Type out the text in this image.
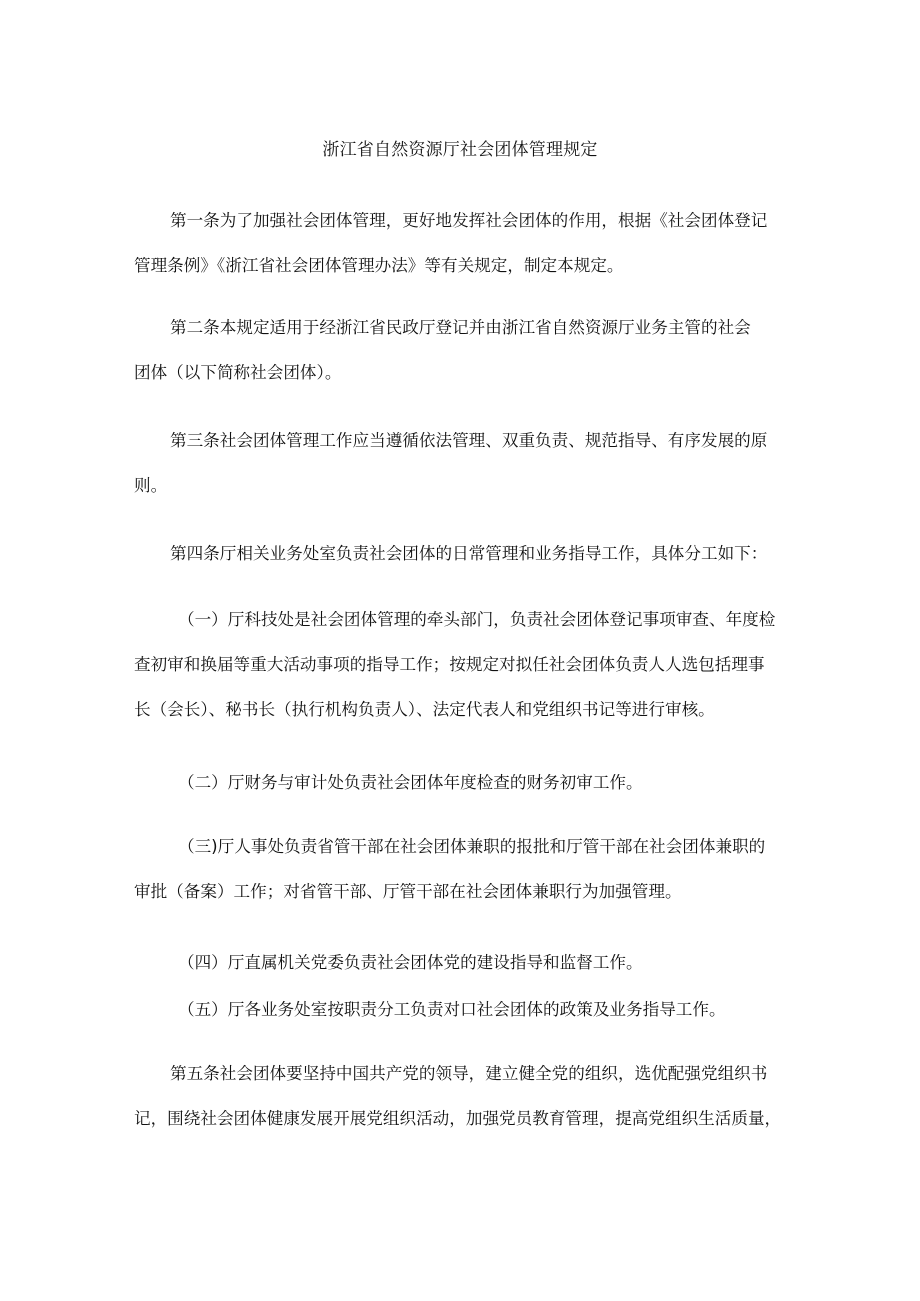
浙江省自然资源厅社会团体管理规定
第一条为了加强社会团体管理，更好地发挥社会团体的作用，根据《社会团体登记
管理条例》《浙江省社会团体管理办法》等有关规定，制定本规定。
第二条本规定适用于经浙江省民政厅登记并由浙江省自然资源厅业务主管的社会
团体（以下简称社会团体）。
第三条社会团体管理工作应当遵循依法管理、双重负责、规范指导、有序发展的原
则。
第四条厅相关业务处室负责社会团体的日常管理和业务指导工作，具体分工如下：
（一）厅科技处是社会团体管理的牵头部门，负责社会团体登记事项审查、年度检
查初审和换届等重大活动事项的指导工作；按规定对拟任社会团体负责人人选包括理事
长（会长）、秘书长（执行机构负责人）、法定代表人和党组织书记等进行审核。
（二）厅财务与审计处负责社会团体年度检查的财务初审工作。
（三)厅人事处负责省管干部在社会团体兼职的报批和厅管干部在社会团体兼职的
审批（备案）工作；对省管干部、厅管干部在社会团体兼职行为加强管理。
（四）厅直属机关党委负责社会团体党的建设指导和监督工作。
（五）厅各业务处室按职责分工负责对口社会团体的政策及业务指导工作。
第五条社会团体要坚持中国共产党的领导，建立健全党的组织，选优配强党组织书
记，围绕社会团体健康发展开展党组织活动，加强党员教育管理，提高党组织生活质量，
